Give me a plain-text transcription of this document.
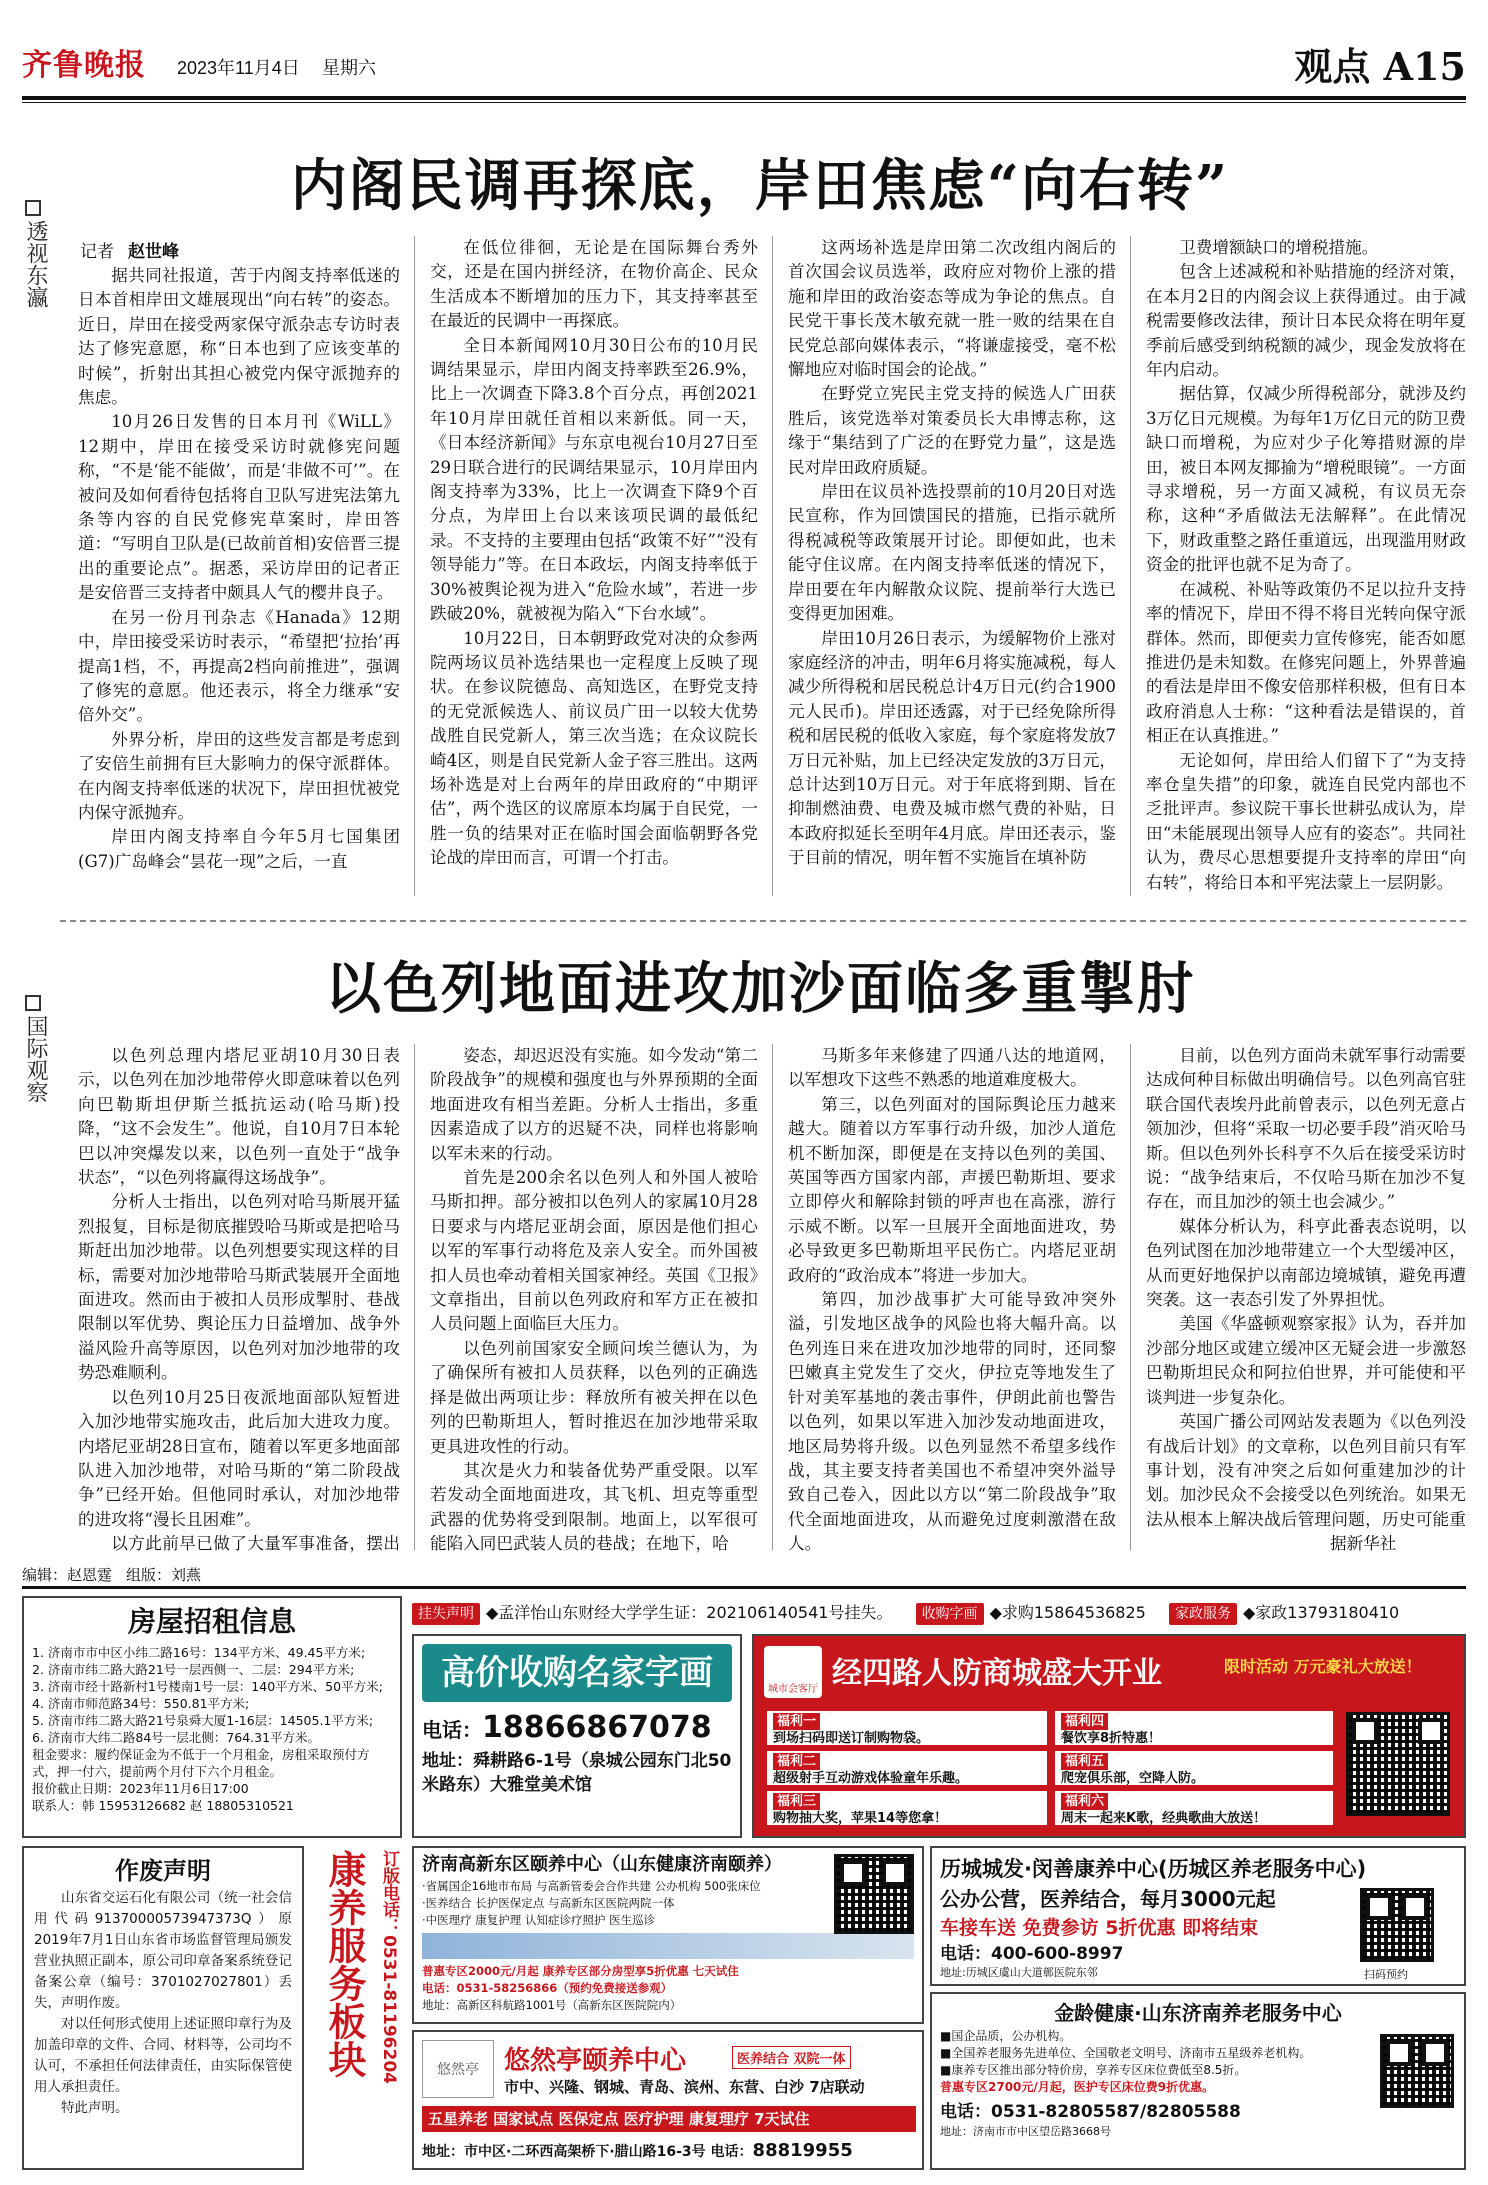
齐鲁晚报 2023年11月4日 星期六	观点 A15
透视东瀛
内阁民调再探底，岸田焦虑“向右转”
记者 赵世峰

据共同社报道，苦于内阁支持率低迷的日本首相岸田文雄展现出“向右转”的姿态。近日，岸田在接受两家保守派杂志专访时表达了修宪意愿，称“日本也到了应该变革的时候”，折射出其担心被党内保守派抛弃的焦虑。

10月26日发售的日本月刊《WiLL》12期中，岸田在接受采访时就修宪问题称，“不是‘能不能做’，而是‘非做不可’”。在被问及如何看待包括将自卫队写进宪法第九条等内容的自民党修宪草案时，岸田答道：“写明自卫队是(已故前首相)安倍晋三提出的重要论点”。据悉，采访岸田的记者正是安倍晋三支持者中颇具人气的樱井良子。

在另一份月刊杂志《Hanada》12期中，岸田接受采访时表示，“希望把‘拉抬’再提高1档，不，再提高2档向前推进”，强调了修宪的意愿。他还表示，将全力继承“安倍外交”。

外界分析，岸田的这些发言都是考虑到了安倍生前拥有巨大影响力的保守派群体。在内阁支持率低迷的状况下，岸田担忧被党内保守派抛弃。

岸田内阁支持率自今年5月七国集团(G7)广岛峰会“昙花一现”之后，一直

在低位徘徊，无论是在国际舞台秀外交，还是在国内拼经济，在物价高企、民众生活成本不断增加的压力下，其支持率甚至在最近的民调中一再探底。

全日本新闻网10月30日公布的10月民调结果显示，岸田内阁支持率跌至26.9%，比上一次调查下降3.8个百分点，再创2021年10月岸田就任首相以来新低。同一天，《日本经济新闻》与东京电视台10月27日至29日联合进行的民调结果显示，10月岸田内阁支持率为33%，比上一次调查下降9个百分点，为岸田上台以来该项民调的最低纪录。不支持的主要理由包括“政策不好”“没有领导能力”等。在日本政坛，内阁支持率低于30%被舆论视为进入“危险水域”，若进一步跌破20%，就被视为陷入“下台水域”。

10月22日，日本朝野政党对决的众参两院两场议员补选结果也一定程度上反映了现状。在参议院德岛、高知选区，在野党支持的无党派候选人、前议员广田一以较大优势战胜自民党新人，第三次当选；在众议院长崎4区，则是自民党新人金子容三胜出。这两场补选是对上台两年的岸田政府的“中期评估”，两个选区的议席原本均属于自民党，一胜一负的结果对正在临时国会面临朝野各党论战的岸田而言，可谓一个打击。

这两场补选是岸田第二次改组内阁后的首次国会议员选举，政府应对物价上涨的措施和岸田的政治姿态等成为争论的焦点。自民党干事长茂木敏充就一胜一败的结果在自民党总部向媒体表示，“将谦虚接受，毫不松懈地应对临时国会的论战。”

在野党立宪民主党支持的候选人广田获胜后，该党选举对策委员长大串博志称，这缘于“集结到了广泛的在野党力量”，这是选民对岸田政府质疑。

岸田在议员补选投票前的10月20日对选民宣称，作为回馈国民的措施，已指示就所得税减税等政策展开讨论。即便如此，也未能守住议席。在内阁支持率低迷的情况下，岸田要在年内解散众议院、提前举行大选已变得更加困难。

岸田10月26日表示，为缓解物价上涨对家庭经济的冲击，明年6月将实施减税，每人减少所得税和居民税总计4万日元(约合1900元人民币)。岸田还透露，对于已经免除所得税和居民税的低收入家庭，每个家庭将发放7万日元补贴，加上已经决定发放的3万日元，总计达到10万日元。对于年底将到期、旨在抑制燃油费、电费及城市燃气费的补贴，日本政府拟延长至明年4月底。岸田还表示，鉴于目前的情况，明年暂不实施旨在填补防

卫费增额缺口的增税措施。

包含上述减税和补贴措施的经济对策，在本月2日的内阁会议上获得通过。由于减税需要修改法律，预计日本民众将在明年夏季前后感受到纳税额的减少，现金发放将在年内启动。

据估算，仅减少所得税部分，就涉及约3万亿日元规模。为每年1万亿日元的防卫费缺口而增税，为应对少子化筹措财源的岸田，被日本网友揶揄为“增税眼镜”。一方面寻求增税，另一方面又减税，有议员无奈称，这种“矛盾做法无法解释”。在此情况下，财政重整之路任重道远，出现滥用财政资金的批评也就不足为奇了。

在减税、补贴等政策仍不足以拉升支持率的情况下，岸田不得不将目光转向保守派群体。然而，即便卖力宣传修宪，能否如愿推进仍是未知数。在修宪问题上，外界普遍的看法是岸田不像安倍那样积极，但有日本政府消息人士称：“这种看法是错误的，首相正在认真推进。”

无论如何，岸田给人们留下了“为支持率仓皇失措”的印象，就连自民党内部也不乏批评声。参议院干事长世耕弘成认为，岸田“未能展现出领导人应有的姿态”。共同社认为，费尽心思想要提升支持率的岸田“向右转”，将给日本和平宪法蒙上一层阴影。

国际观察
以色列地面进攻加沙面临多重掣肘

以色列总理内塔尼亚胡10月30日表示，以色列在加沙地带停火即意味着以色列向巴勒斯坦伊斯兰抵抗运动(哈马斯)投降，“这不会发生”。他说，自10月7日本轮巴以冲突爆发以来，以色列一直处于“战争状态”，“以色列将赢得这场战争”。

分析人士指出，以色列对哈马斯展开猛烈报复，目标是彻底摧毁哈马斯或是把哈马斯赶出加沙地带。以色列想要实现这样的目标，需要对加沙地带哈马斯武装展开全面地面进攻。然而由于被扣人员形成掣肘、巷战限制以军优势、舆论压力日益增加、战争外溢风险升高等原因，以色列对加沙地带的攻势恐难顺利。

以色列10月25日夜派地面部队短暂进入加沙地带实施攻击，此后加大进攻力度。内塔尼亚胡28日宣布，随着以军更多地面部队进入加沙地带，对哈马斯的“第二阶段战争”已经开始。但他同时承认，对加沙地带的进攻将“漫长且困难”。

以方此前早已做了大量军事准备，摆出

姿态，却迟迟没有实施。如今发动“第二阶段战争”的规模和强度也与外界预期的全面地面进攻有相当差距。分析人士指出，多重因素造成了以方的迟疑不决，同样也将影响以军未来的行动。

首先是200余名以色列人和外国人被哈马斯扣押。部分被扣以色列人的家属10月28日要求与内塔尼亚胡会面，原因是他们担心以军的军事行动将危及亲人安全。而外国被扣人员也牵动着相关国家神经。英国《卫报》文章指出，目前以色列政府和军方正在被扣人员问题上面临巨大压力。

以色列前国家安全顾问埃兰德认为，为了确保所有被扣人员获释，以色列的正确选择是做出两项让步：释放所有被关押在以色列的巴勒斯坦人，暂时推迟在加沙地带采取更具进攻性的行动。

其次是火力和装备优势严重受限。以军若发动全面地面进攻，其飞机、坦克等重型武器的优势将受到限制。地面上，以军很可能陷入同巴武装人员的巷战；在地下，哈

马斯多年来修建了四通八达的地道网，以军想攻下这些不熟悉的地道难度极大。

第三，以色列面对的国际舆论压力越来越大。随着以方军事行动升级，加沙人道危机不断加深，即便是在支持以色列的美国、英国等西方国家内部，声援巴勒斯坦、要求立即停火和解除封锁的呼声也在高涨，游行示威不断。以军一旦展开全面地面进攻，势必导致更多巴勒斯坦平民伤亡。内塔尼亚胡政府的“政治成本”将进一步加大。

第四，加沙战事扩大可能导致冲突外溢，引发地区战争的风险也将大幅升高。以色列连日来在进攻加沙地带的同时，还同黎巴嫩真主党发生了交火，伊拉克等地发生了针对美军基地的袭击事件，伊朗此前也警告以色列，如果以军进入加沙发动地面进攻，地区局势将升级。以色列显然不希望多线作战，其主要支持者美国也不希望冲突外溢导致自己卷入，因此以方以“第二阶段战争”取代全面地面进攻，从而避免过度刺激潜在敌人。

目前，以色列方面尚未就军事行动需要达成何种目标做出明确信号。以色列高官驻联合国代表埃丹此前曾表示，以色列无意占领加沙，但将“采取一切必要手段”消灭哈马斯。但以色列外长科亨不久后在接受采访时说：“战争结束后，不仅哈马斯在加沙不复存在，而且加沙的领土也会减少。”

媒体分析认为，科亨此番表态说明，以色列试图在加沙地带建立一个大型缓冲区，从而更好地保护以南部边境城镇，避免再遭突袭。这一表态引发了外界担忧。

美国《华盛顿观察家报》认为，吞并加沙部分地区或建立缓冲区无疑会进一步激怒巴勒斯坦民众和阿拉伯世界，并可能使和平谈判进一步复杂化。

英国广播公司网站发表题为《以色列没有战后计划》的文章称，以色列目前只有军事计划，没有冲突之后如何重建加沙的计划。加沙民众不会接受以色列统治。如果无法从根本上解决战后管理问题，历史可能重

据新华社
编辑：赵恩霆 组版：刘燕
房屋招租信息
1. 济南市市中区小纬二路16号：134平方米、49.45平方米;
2. 济南市纬二路大路21号一层西侧一、二层：294平方米;
3. 济南市经十路新村1号楼南1号一层：140平方米、50平方米;
4. 济南市师范路34号：550.81平方米;
5. 济南市纬二路大路21号泉舜大厦1-16层：14505.1平方米;
6. 济南市大纬二路84号一层北侧：764.31平方米。
租金要求：履约保证金为不低于一个月租金，房租采取预付方式，押一付六，提前两个月付下六个月租金。
报价截止日期：2023年11月6日17:00
联系人：韩 15953126682 赵 18805310521
挂失声明 ◆孟洋怡山东财经大学学生证：202106140541号挂失。 收购字画 ◆求购15864536825 家政服务 ◆家政13793180410
高价收购名家字画
电话：18866867078
地址：舜耕路6-1号（泉城公园东门北50米路东）大雅堂美术馆
城市会客厅 经四路人防商城盛大开业	限时活动 万元豪礼大放送！
福利一
到场扫码即送订制购物袋。
福利二
超级射手互动游戏体验童年乐趣。
福利三
购物抽大奖，苹果14等您拿！
福利四
餐饮享8折特惠！
福利五
爬宠俱乐部，空降人防。
福利六
周末一起来K歌，经典歌曲大放送！
作废声明

山东省交运石化有限公司（统一社会信用代码91370000573947373Q）原2019年7月1日山东省市场监督管理局颁发营业执照正副本，原公司印章备案系统登记备案公章（编号：3701027027801）丢失，声明作废。

对以任何形式使用上述证照印章行为及加盖印章的文件、合同、材料等，公司均不认可，不承担任何法律责任，由实际保管使用人承担责任。

特此声明。

康养服务板块 订版电话：0531-81196204 济南高新东区颐养中心（山东健康济南颐养）
·省属国企16地市布局 与高新管委会合作共建 公办机构 500张床位
·医养结合 长护医保定点 与高新东区医院两院一体
·中医理疗 康复护理 认知症诊疗照护 医生巡诊
普惠专区2000元/月起 康养专区部分房型享5折优惠 七天试住
电话：0531-58256866（预约免费接送参观）
地址：高新区科航路1001号（高新东区医院院内）
悠然亭 悠然亭颐养中心	医养结合 双院一体
市中、兴隆、钢城、青岛、滨州、东营、白沙 7店联动
五星养老 国家试点 医保定点 医疗护理 康复理疗 7天试住
地址：市中区·二环西高架桥下·腊山路16-3号 电话：88819955
历城城发·闵善康养中心(历城区养老服务中心)
公办公营，医养结合，每月3000元起
车接车送 免费参访 5折优惠 即将结束
电话：400-600-8997
地址:历城区虞山大道鄣医院东邻	扫码预约
金龄健康·山东济南养老服务中心
■国企品质，公办机构。
■全国养老服务先进单位、全国敬老文明号、济南市五星级养老机构。
■康养专区推出部分特价房，享养专区床位费低至8.5折。
普惠专区2700元/月起，医护专区床位费9折优惠。
电话：0531-82805587/82805588
地址：济南市市中区望岳路3668号
